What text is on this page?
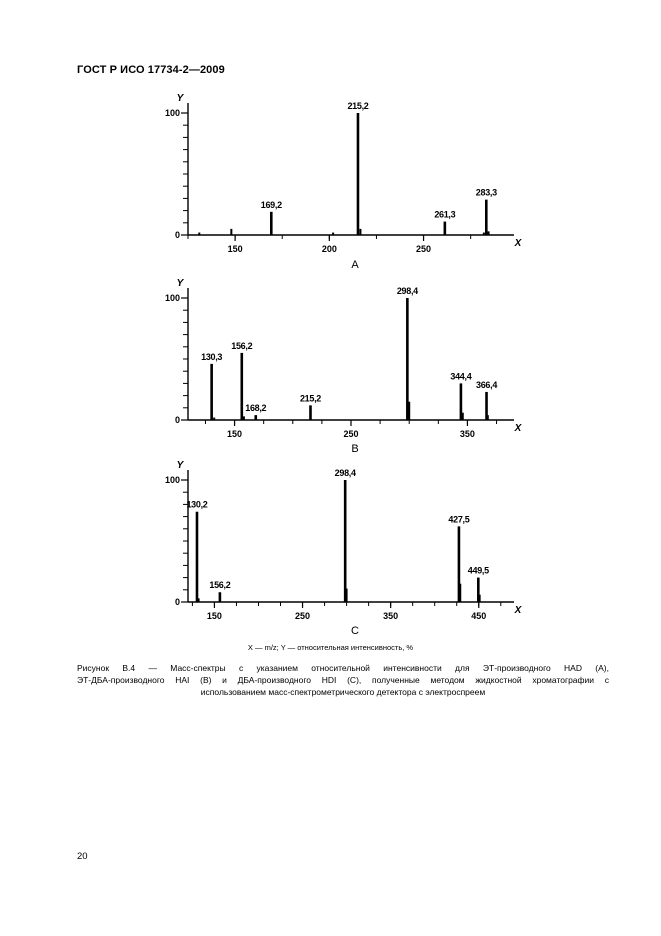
ГОСТ Р ИСО 17734-2—2009
0
100
Y
150	200	250	X
169,2
215,2
261,3
283,3
A
0
100
Y
150	250	350	X
130,3
156,2
168,2
215,2
298,4
344,4
366,4
B
0
100
Y
150	250	350	450	X
130,2
156,2
298,4
427,5
449,5
C
X — m/z; Y — относительная интенсивность, %
Рисунок B.4 — Масс-спектры с указанием относительной интенсивности для ЭТ-производного HAD (А),
ЭТ-ДБА-производного HAI (B) и ДБА-производного HDI (С), полученные методом жидкостной хроматографии с
использованием масс-спектрометрического детектора с электроспреем
20
